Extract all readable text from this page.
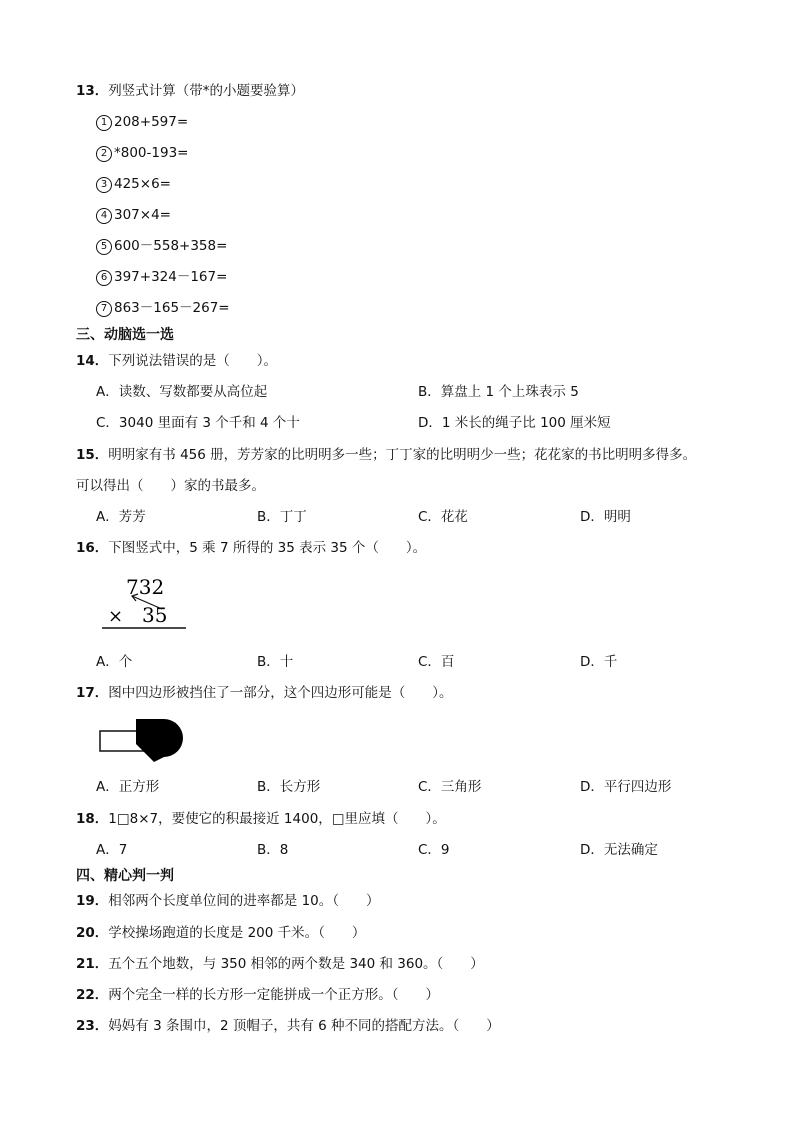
13．列竖式计算（带*的小题要验算）
1 208+597=
2 *800-193=
3 425×6=
4 307×4=
5 600－558+358=
6 397+324－167=
7 863－165－267=
三、动脑选一选
14．下列说法错误的是（　　）。
A．读数、写数都要从高位起	B．算盘上 1 个上珠表示 5
C．3040 里面有 3 个千和 4 个十	D．1 米长的绳子比 100 厘米短
15．明明家有书 456 册，芳芳家的比明明多一些；丁丁家的比明明少一些；花花家的书比明明多得多。
可以得出（　　）家的书最多。
A．芳芳	B．丁丁	C．花花	D．明明
16．下图竖式中，5 乘 7 所得的 35 表示 35 个（　　）。
732
× 35
A．个	B．十	C．百	D．千
17．图中四边形被挡住了一部分，这个四边形可能是（　　）。
A．正方形	B．长方形	C．三角形	D．平行四边形
18．1□8×7，要使它的积最接近 1400，□里应填（　　）。
A．7	B．8	C．9	D．无法确定
四、精心判一判
19．相邻两个长度单位间的进率都是 10。（　　）
20．学校操场跑道的长度是 200 千米。（　　）
21．五个五个地数，与 350 相邻的两个数是 340 和 360。（　　）
22．两个完全一样的长方形一定能拼成一个正方形。（　　）
23．妈妈有 3 条围巾，2 顶帽子，共有 6 种不同的搭配方法。（　　）
